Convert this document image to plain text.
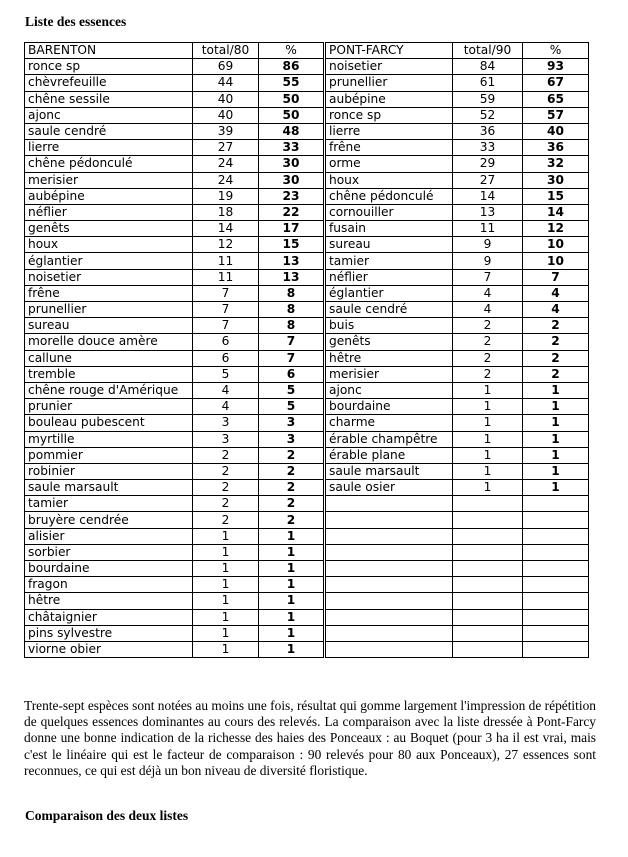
Liste des essences
BARENTON	total/80	%	PONT-FARCY	total/90	%
ronce sp	69	86	noisetier	84	93
chèvrefeuille	44	55	prunellier	61	67
chêne sessile	40	50	aubépine	59	65
ajonc	40	50	ronce sp	52	57
saule cendré	39	48	lierre	36	40
lierre	27	33	frêne	33	36
chêne pédonculé	24	30	orme	29	32
merisier	24	30	houx	27	30
aubépine	19	23	chêne pédonculé	14	15
néflier	18	22	cornouiller	13	14
genêts	14	17	fusain	11	12
houx	12	15	sureau	9	10
églantier	11	13	tamier	9	10
noisetier	11	13	néflier	7	7
frêne	7	8	églantier	4	4
prunellier	7	8	saule cendré	4	4
sureau	7	8	buis	2	2
morelle douce amère	6	7	genêts	2	2
callune	6	7	hêtre	2	2
tremble	5	6	merisier	2	2
chêne rouge d'Amérique	4	5	ajonc	1	1
prunier	4	5	bourdaine	1	1
bouleau pubescent	3	3	charme	1	1
myrtille	3	3	érable champêtre	1	1
pommier	2	2	érable plane	1	1
robinier	2	2	saule marsault	1	1
saule marsault	2	2	saule osier	1	1
tamier	2	2			
bruyère cendrée	2	2			
alisier	1	1			
sorbier	1	1			
bourdaine	1	1			
fragon	1	1			
hêtre	1	1			
châtaignier	1	1			
pins sylvestre	1	1			
viorne obier	1	1			

Trente-sept espèces sont notées au moins une fois, résultat qui gomme largement l'impression de répétition de quelques essences dominantes au cours des relevés. La comparaison avec la liste dressée à Pont-Farcy donne une bonne indication de la richesse des haies des Ponceaux : au Boquet (pour 3 ha il est vrai, mais c'est le linéaire qui est le facteur de comparaison : 90 relevés pour 80 aux Ponceaux), 27 essences sont reconnues, ce qui est déjà un bon niveau de diversité floristique.

Comparaison des deux listes
